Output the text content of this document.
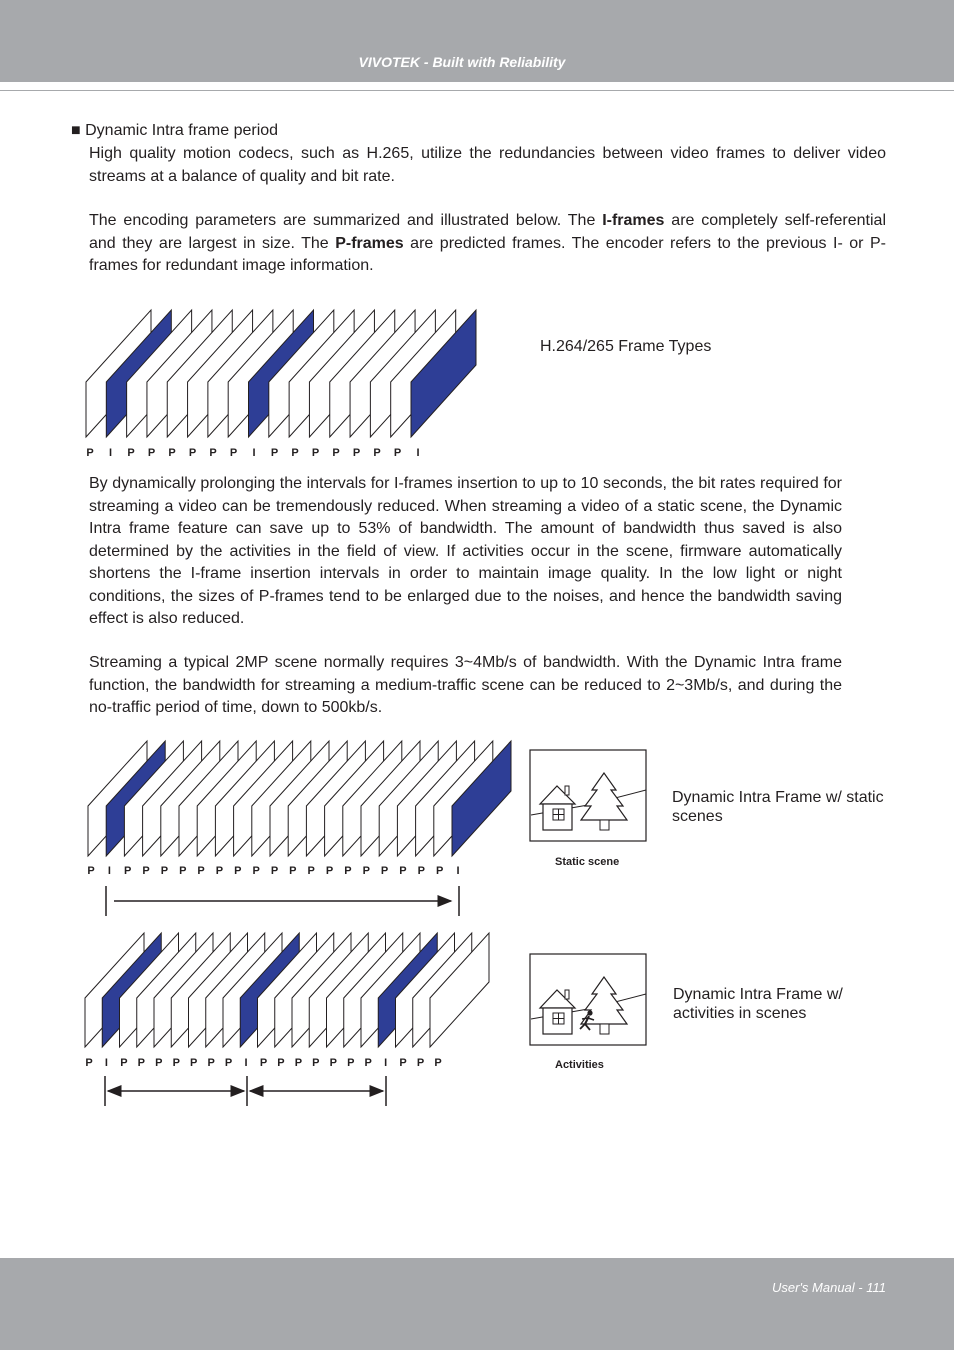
VIVOTEK - Built with Reliability
■ Dynamic Intra frame period

High quality motion codecs, such as H.265, utilize the redundancies between video frames to deliver video streams at a balance of quality and bit rate.

The encoding parameters are summarized and illustrated below. The I-frames are completely self-referential and they are largest in size. The P-frames are predicted frames. The encoder refers to the previous I- or P-frames for redundant image information.

H.264/265 Frame Types

By dynamically prolonging the intervals for I-frames insertion to up to 10 seconds, the bit rates required for streaming a video can be tremendously reduced. When streaming a video of a static scene, the Dynamic Intra frame feature can save up to 53% of bandwidth. The amount of bandwidth thus saved is also determined by the activities in the field of view. If activities occur in the scene, firmware automatically shortens the I-frame insertion intervals in order to maintain image quality. In the low light or night conditions, the sizes of P-frames tend to be enlarged due to the noises, and hence the bandwidth saving effect is also reduced.

Streaming a typical 2MP scene normally requires 3~4Mb/s of bandwidth. With the Dynamic Intra frame function, the bandwidth for streaming a medium-traffic scene can be reduced to 2~3Mb/s, and during the no-traffic period of time, down to 500kb/s.

Dynamic Intra Frame w/ static scenes
Dynamic Intra Frame w/ activities in scenes
Static scene
Activities
P I P P P P P P I P P P P P P P I
P I P P P P P P P P P P P P P P P P P P I
P I P P P P P P P I P P P P P P P I P P P
User's Manual - 111
